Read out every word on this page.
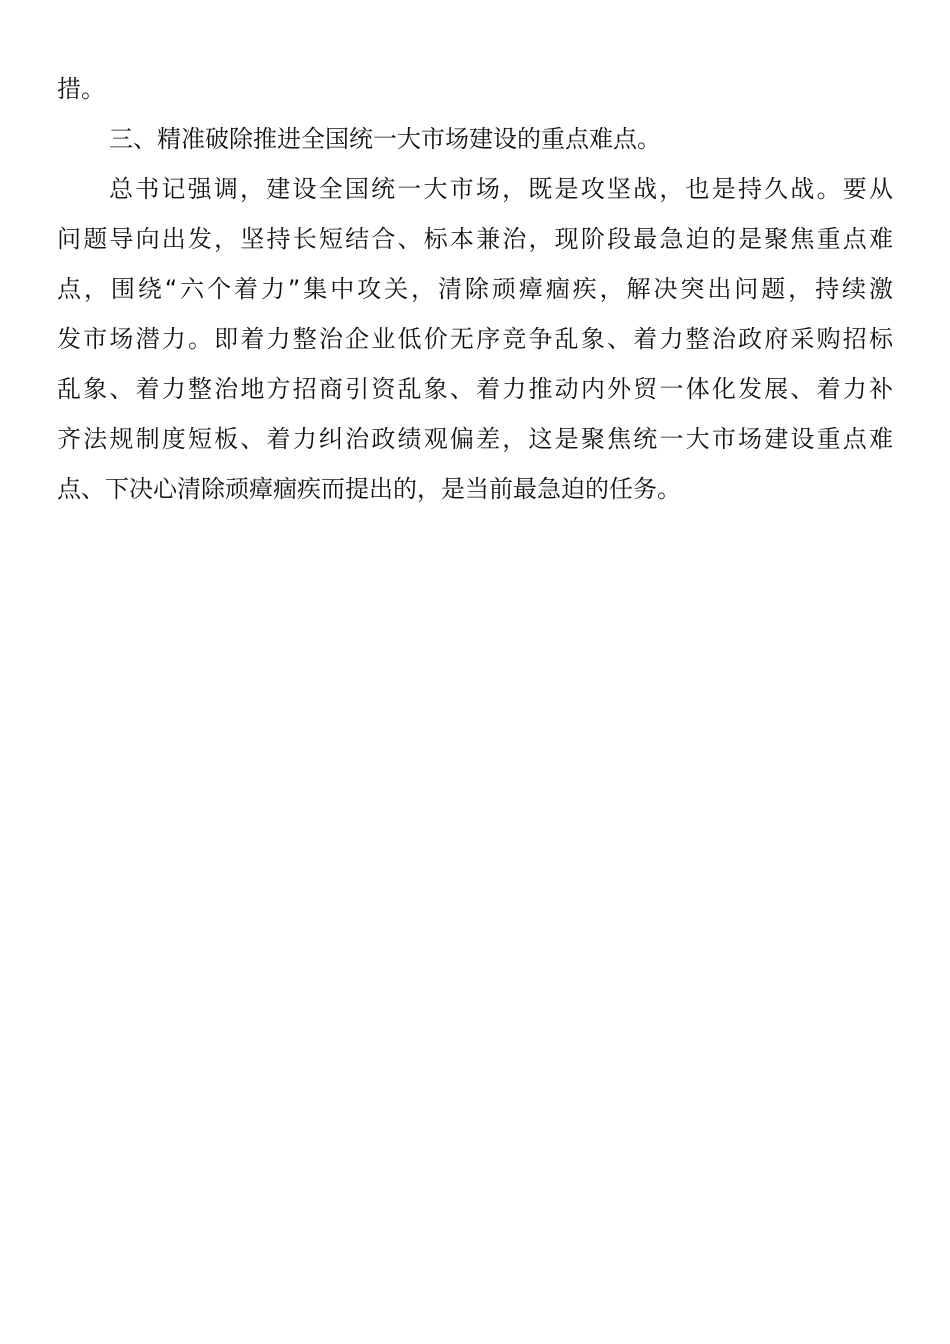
措。
三、精准破除推进全国统一大市场建设的重点难点。
总书记强调，建设全国统一大市场，既是攻坚战，也是持久战。要从
问题导向出发，坚持长短结合、标本兼治，现阶段最急迫的是聚焦重点难
点，围绕“六个着力”集中攻关，清除顽瘴痼疾，解决突出问题，持续激
发市场潜力。即着力整治企业低价无序竞争乱象、着力整治政府采购招标
乱象、着力整治地方招商引资乱象、着力推动内外贸一体化发展、着力补
齐法规制度短板、着力纠治政绩观偏差，这是聚焦统一大市场建设重点难
点、下决心清除顽瘴痼疾而提出的，是当前最急迫的任务。
